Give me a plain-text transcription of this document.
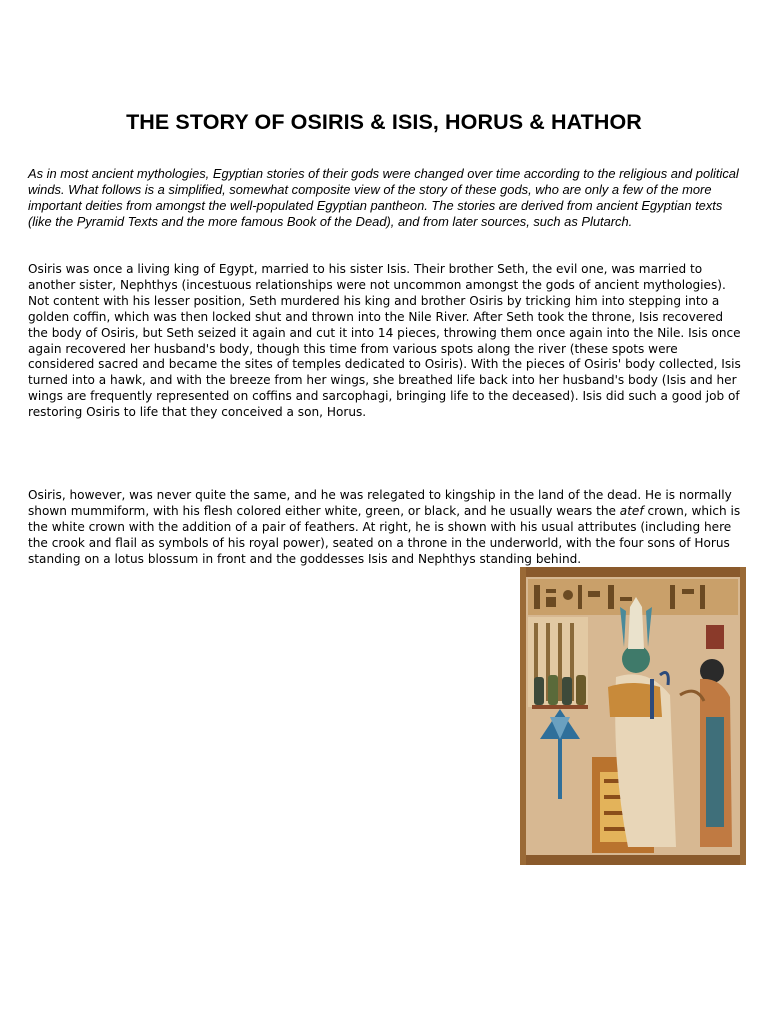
THE STORY OF OSIRIS & ISIS, HORUS & HATHOR

As in most ancient mythologies, Egyptian stories of their gods were changed over time according to the religious and political winds. What follows is a simplified, somewhat composite view of the story of these gods, who are only a few of the more important deities from amongst the well-populated Egyptian pantheon. The stories are derived from ancient Egyptian texts (like the Pyramid Texts and the more famous Book of the Dead), and from later sources, such as Plutarch.

Osiris was once a living king of Egypt, married to his sister Isis. Their brother Seth, the evil one, was married to another sister, Nephthys (incestuous relationships were not uncommon amongst the gods of ancient mythologies). Not content with his lesser position, Seth murdered his king and brother Osiris by tricking him into stepping into a golden coffin, which was then locked shut and thrown into the Nile River. After Seth took the throne, Isis recovered the body of Osiris, but Seth seized it again and cut it into 14 pieces, throwing them once again into the Nile. Isis once again recovered her husband's body, though this time from various spots along the river (these spots were considered sacred and became the sites of temples dedicated to Osiris). With the pieces of Osiris' body collected, Isis turned into a hawk, and with the breeze from her wings, she breathed life back into her husband's body (Isis and her wings are frequently represented on coffins and sarcophagi, bringing life to the deceased). Isis did such a good job of restoring Osiris to life that they conceived a son, Horus.

Osiris, however, was never quite the same, and he was relegated to kingship in the land of the dead. He is normally shown mummiform, with his flesh colored either white, green, or black, and he usually wears the atef crown, which is the white crown with the addition of a pair of feathers. At right, he is shown with his usual attributes (including here the crook and flail as symbols of his royal power), seated on a throne in the underworld, with the four sons of Horus standing on a lotus blossum in front and the goddesses Isis and Nephthys standing behind.
